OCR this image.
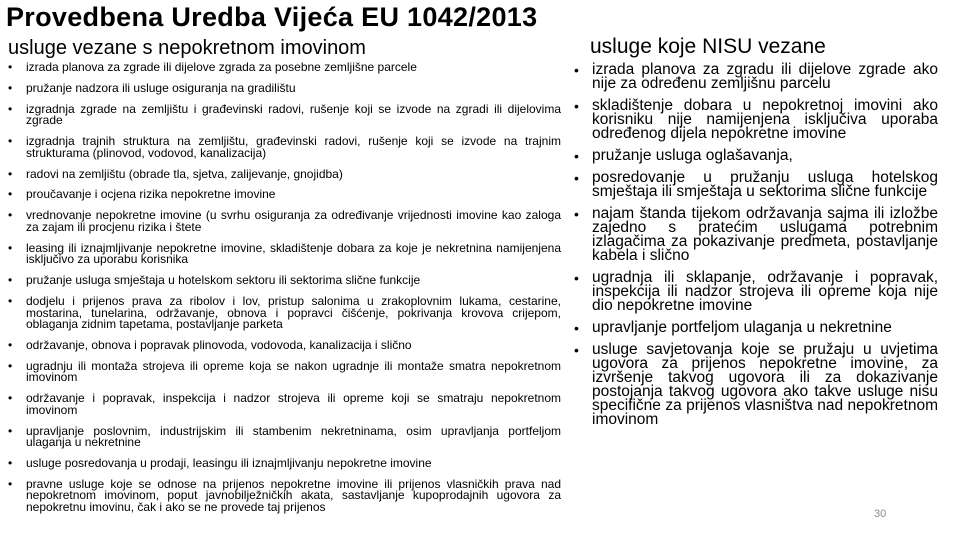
Provedbena Uredba Vijeća EU 1042/2013
usluge vezane s nepokretnom imovinom	usluge koje NISU vezane
• izrada planova za zgrade ili dijelove zgrada za posebne zemljišne parcele
• pružanje nadzora ili usluge osiguranja na gradilištu
• izgradnja zgrade na zemljištu i građevinski radovi, rušenje koji se izvode na zgradi ili dijelovima zgrade
• izgradnja trajnih struktura na zemljištu, građevinski radovi, rušenje koji se izvode na trajnim strukturama (plinovod, vodovod, kanalizacija)
• radovi na zemljištu (obrade tla, sjetva, zalijevanje, gnojidba)
• proučavanje i ocjena rizika nepokretne imovine
• vrednovanje nepokretne imovine (u svrhu osiguranja za određivanje vrijednosti imovine kao zaloga za zajam ili procjenu rizika i štete
• leasing ili iznajmljivanje nepokretne imovine, skladištenje dobara za koje je nekretnina namijenjena isključivo za uporabu korisnika
• pružanje usluga smještaja u hotelskom sektoru ili sektorima slične funkcije
• dodjelu i prijenos prava za ribolov i lov, pristup salonima u zrakoplovnim lukama, cestarine, mostarina, tunelarina, održavanje, obnova i popravci čišćenje, pokrivanja krovova crijepom, oblaganja zidnim tapetama, postavljanje parketa
• održavanje, obnova i popravak plinovoda, vodovoda, kanalizacija i slično
• ugradnju ili montaža strojeva ili opreme koja se nakon ugradnje ili montaže smatra nepokretnom imovinom
• održavanje i popravak, inspekcija i nadzor strojeva ili opreme koji se smatraju nepokretnom imovinom
• upravljanje poslovnim, industrijskim ili stambenim nekretninama, osim upravljanja portfeljom ulaganja u nekretnine
• usluge posredovanja u prodaji, leasingu ili iznajmljivanju nepokretne imovine
• pravne usluge koje se odnose na prijenos nepokretne imovine ili prijenos vlasničkih prava nad nepokretnom imovinom, poput javnobilježničkih akata, sastavljanje kupoprodajnih ugovora za nepokretnu imovinu, čak i ako se ne provede taj prijenos
• izrada planova za zgradu ili dijelove zgrade ako nije za određenu zemljišnu parcelu
• skladištenje dobara u nepokretnoj imovini ako korisniku nije namijenjena isključiva uporaba određenog dijela nepokretne imovine
• pružanje usluga oglašavanja,
• posredovanje u pružanju usluga hotelskog smještaja ili smještaja u sektorima slične funkcije
• najam štanda tijekom održavanja sajma ili izložbe zajedno s pratećim uslugama potrebnim izlagačima za pokazivanje predmeta, postavljanje kabela i slično
• ugradnja ili sklapanje, održavanje i popravak, inspekcija ili nadzor strojeva ili opreme koja nije dio nepokretne imovine
• upravljanje portfeljom ulaganja u nekretnine
• usluge savjetovanja koje se pružaju u uvjetima ugovora za prijenos nepokretne imovine, za izvršenje takvog ugovora ili za dokazivanje postojanja takvog ugovora ako takve usluge nisu specifične za prijenos vlasništva nad nepokretnom imovinom
30
